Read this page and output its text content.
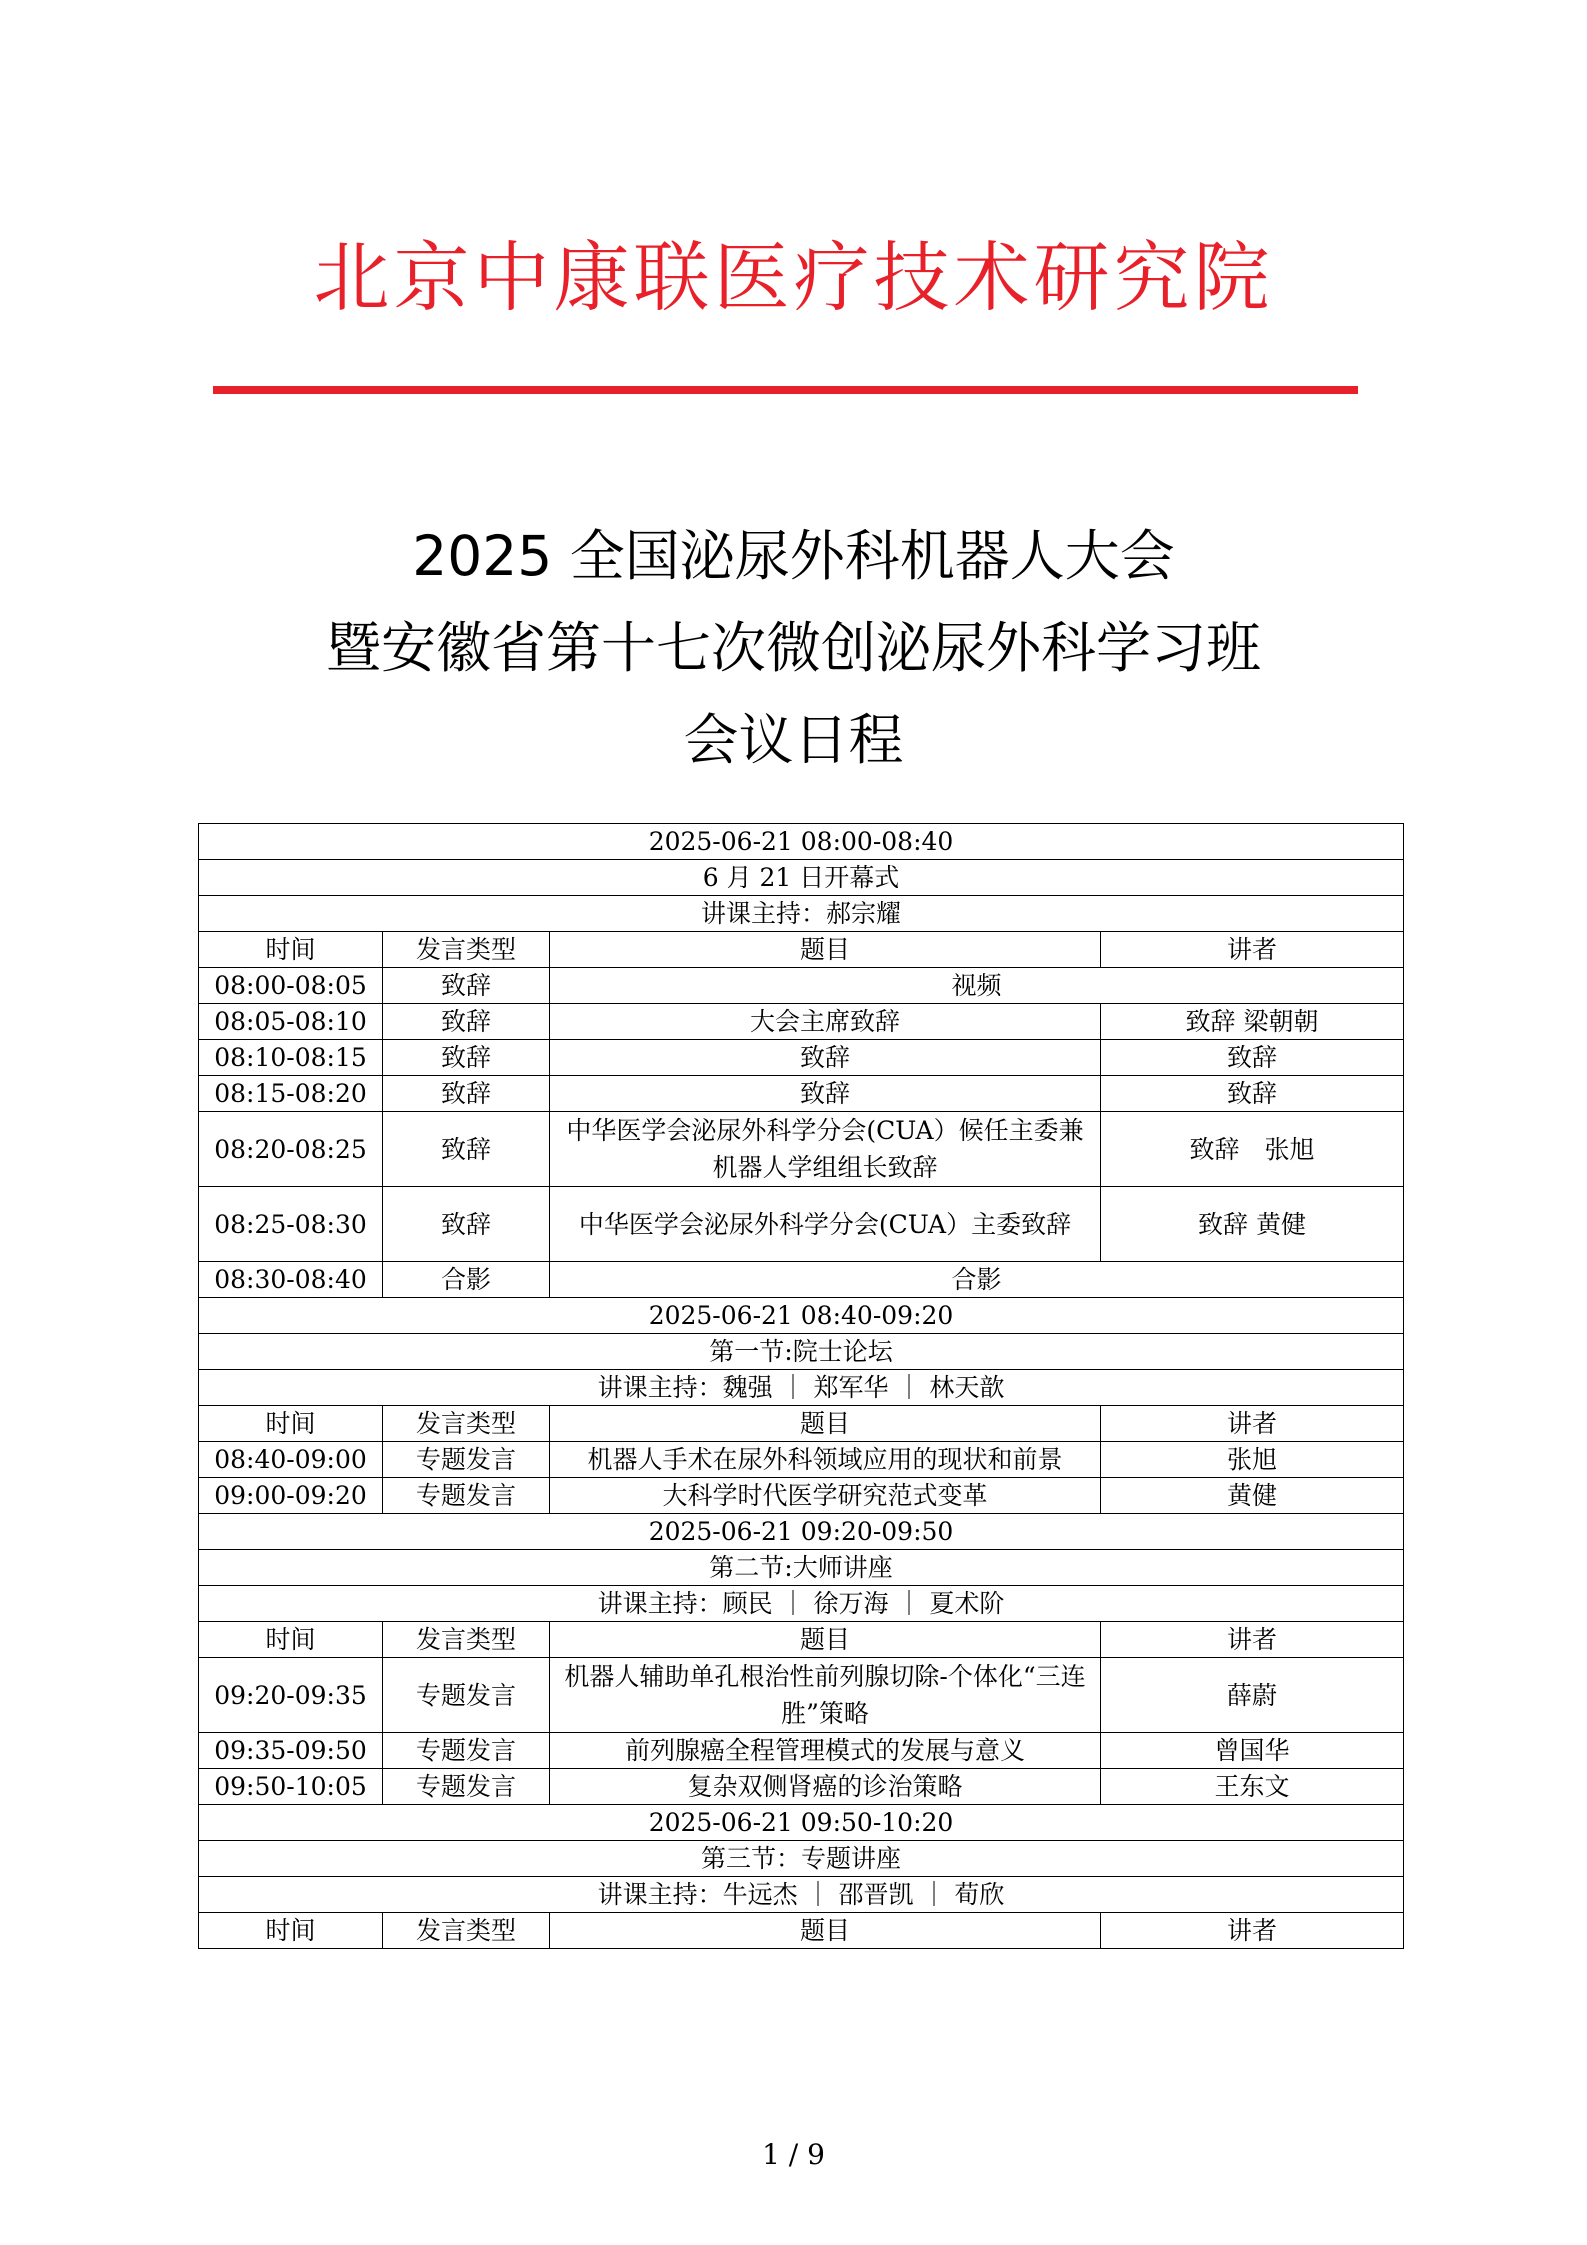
北京中康联医疗技术研究院
2025 全国泌尿外科机器人大会
暨安徽省第十七次微创泌尿外科学习班
会议日程
2025-06-21 08:00-08:40			
6 月 21 日开幕式			
讲课主持：郝宗耀			
时间	发言类型	题目	讲者
08:00-08:05	致辞	视频	
08:05-08:10	致辞	大会主席致辞	致辞 梁朝朝
08:10-08:15	致辞	致辞	致辞
08:15-08:20	致辞	致辞	致辞
08:20-08:25	致辞	中华医学会泌尿外科学分会(CUA）候任主委兼机器人学组组长致辞	致辞　张旭
08:25-08:30	致辞	中华医学会泌尿外科学分会(CUA）主委致辞	致辞 黄健
08:30-08:40	合影	合影	
2025-06-21 08:40-09:20			
第一节:院士论坛			
讲课主持：魏强 ｜ 郑军华 ｜ 林天歆			
时间	发言类型	题目	讲者
08:40-09:00	专题发言	机器人手术在尿外科领域应用的现状和前景	张旭
09:00-09:20	专题发言	大科学时代医学研究范式变革	黄健
2025-06-21 09:20-09:50			
第二节:大师讲座			
讲课主持：顾民 ｜ 徐万海 ｜ 夏术阶			
时间	发言类型	题目	讲者
09:20-09:35	专题发言	机器人辅助单孔根治性前列腺切除-个体化“三连胜”策略	薛蔚
09:35-09:50	专题发言	前列腺癌全程管理模式的发展与意义	曾国华
09:50-10:05	专题发言	复杂双侧肾癌的诊治策略	王东文
2025-06-21 09:50-10:20			
第三节：专题讲座			
讲课主持：牛远杰 ｜ 邵晋凯 ｜ 荀欣			
时间	发言类型	题目	讲者
1 / 9
